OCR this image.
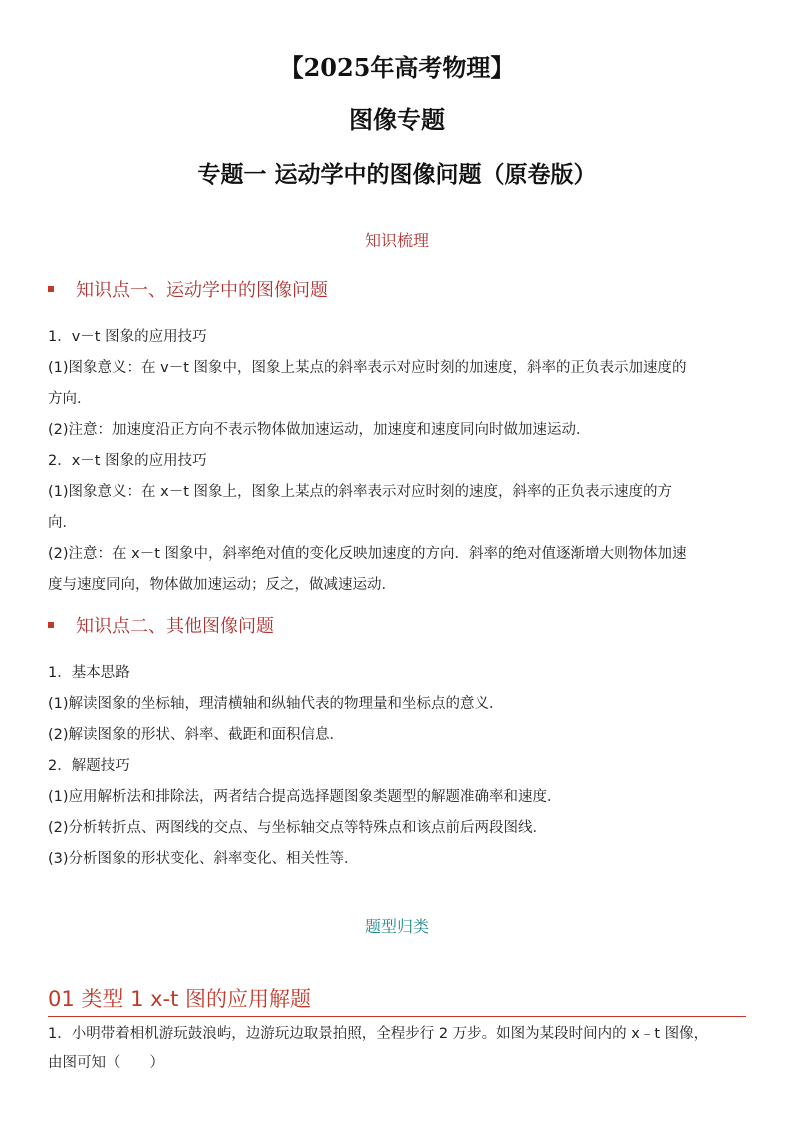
【2025年高考物理】
图像专题
专题一 运动学中的图像问题（原卷版）
知识梳理
知识点一、运动学中的图像问题
1．v－t 图象的应用技巧
(1)图象意义：在 v－t 图象中，图象上某点的斜率表示对应时刻的加速度，斜率的正负表示加速度的
方向．
(2)注意：加速度沿正方向不表示物体做加速运动，加速度和速度同向时做加速运动．
2．x－t 图象的应用技巧
(1)图象意义：在 x－t 图象上，图象上某点的斜率表示对应时刻的速度，斜率的正负表示速度的方
向．
(2)注意：在 x－t 图象中，斜率绝对值的变化反映加速度的方向．斜率的绝对值逐渐增大则物体加速
度与速度同向，物体做加速运动；反之，做减速运动．
知识点二、其他图像问题
1．基本思路
(1)解读图象的坐标轴，理清横轴和纵轴代表的物理量和坐标点的意义．
(2)解读图象的形状、斜率、截距和面积信息．
2．解题技巧
(1)应用解析法和排除法，两者结合提高选择题图象类题型的解题准确率和速度．
(2)分析转折点、两图线的交点、与坐标轴交点等特殊点和该点前后两段图线．
(3)分析图象的形状变化、斜率变化、相关性等．
题型归类
01 类型 1 x-t 图的应用解题
1．小明带着相机游玩鼓浪屿，边游玩边取景拍照，全程步行 2 万步。如图为某段时间内的 x﹣t 图像，
由图可知（　　）
